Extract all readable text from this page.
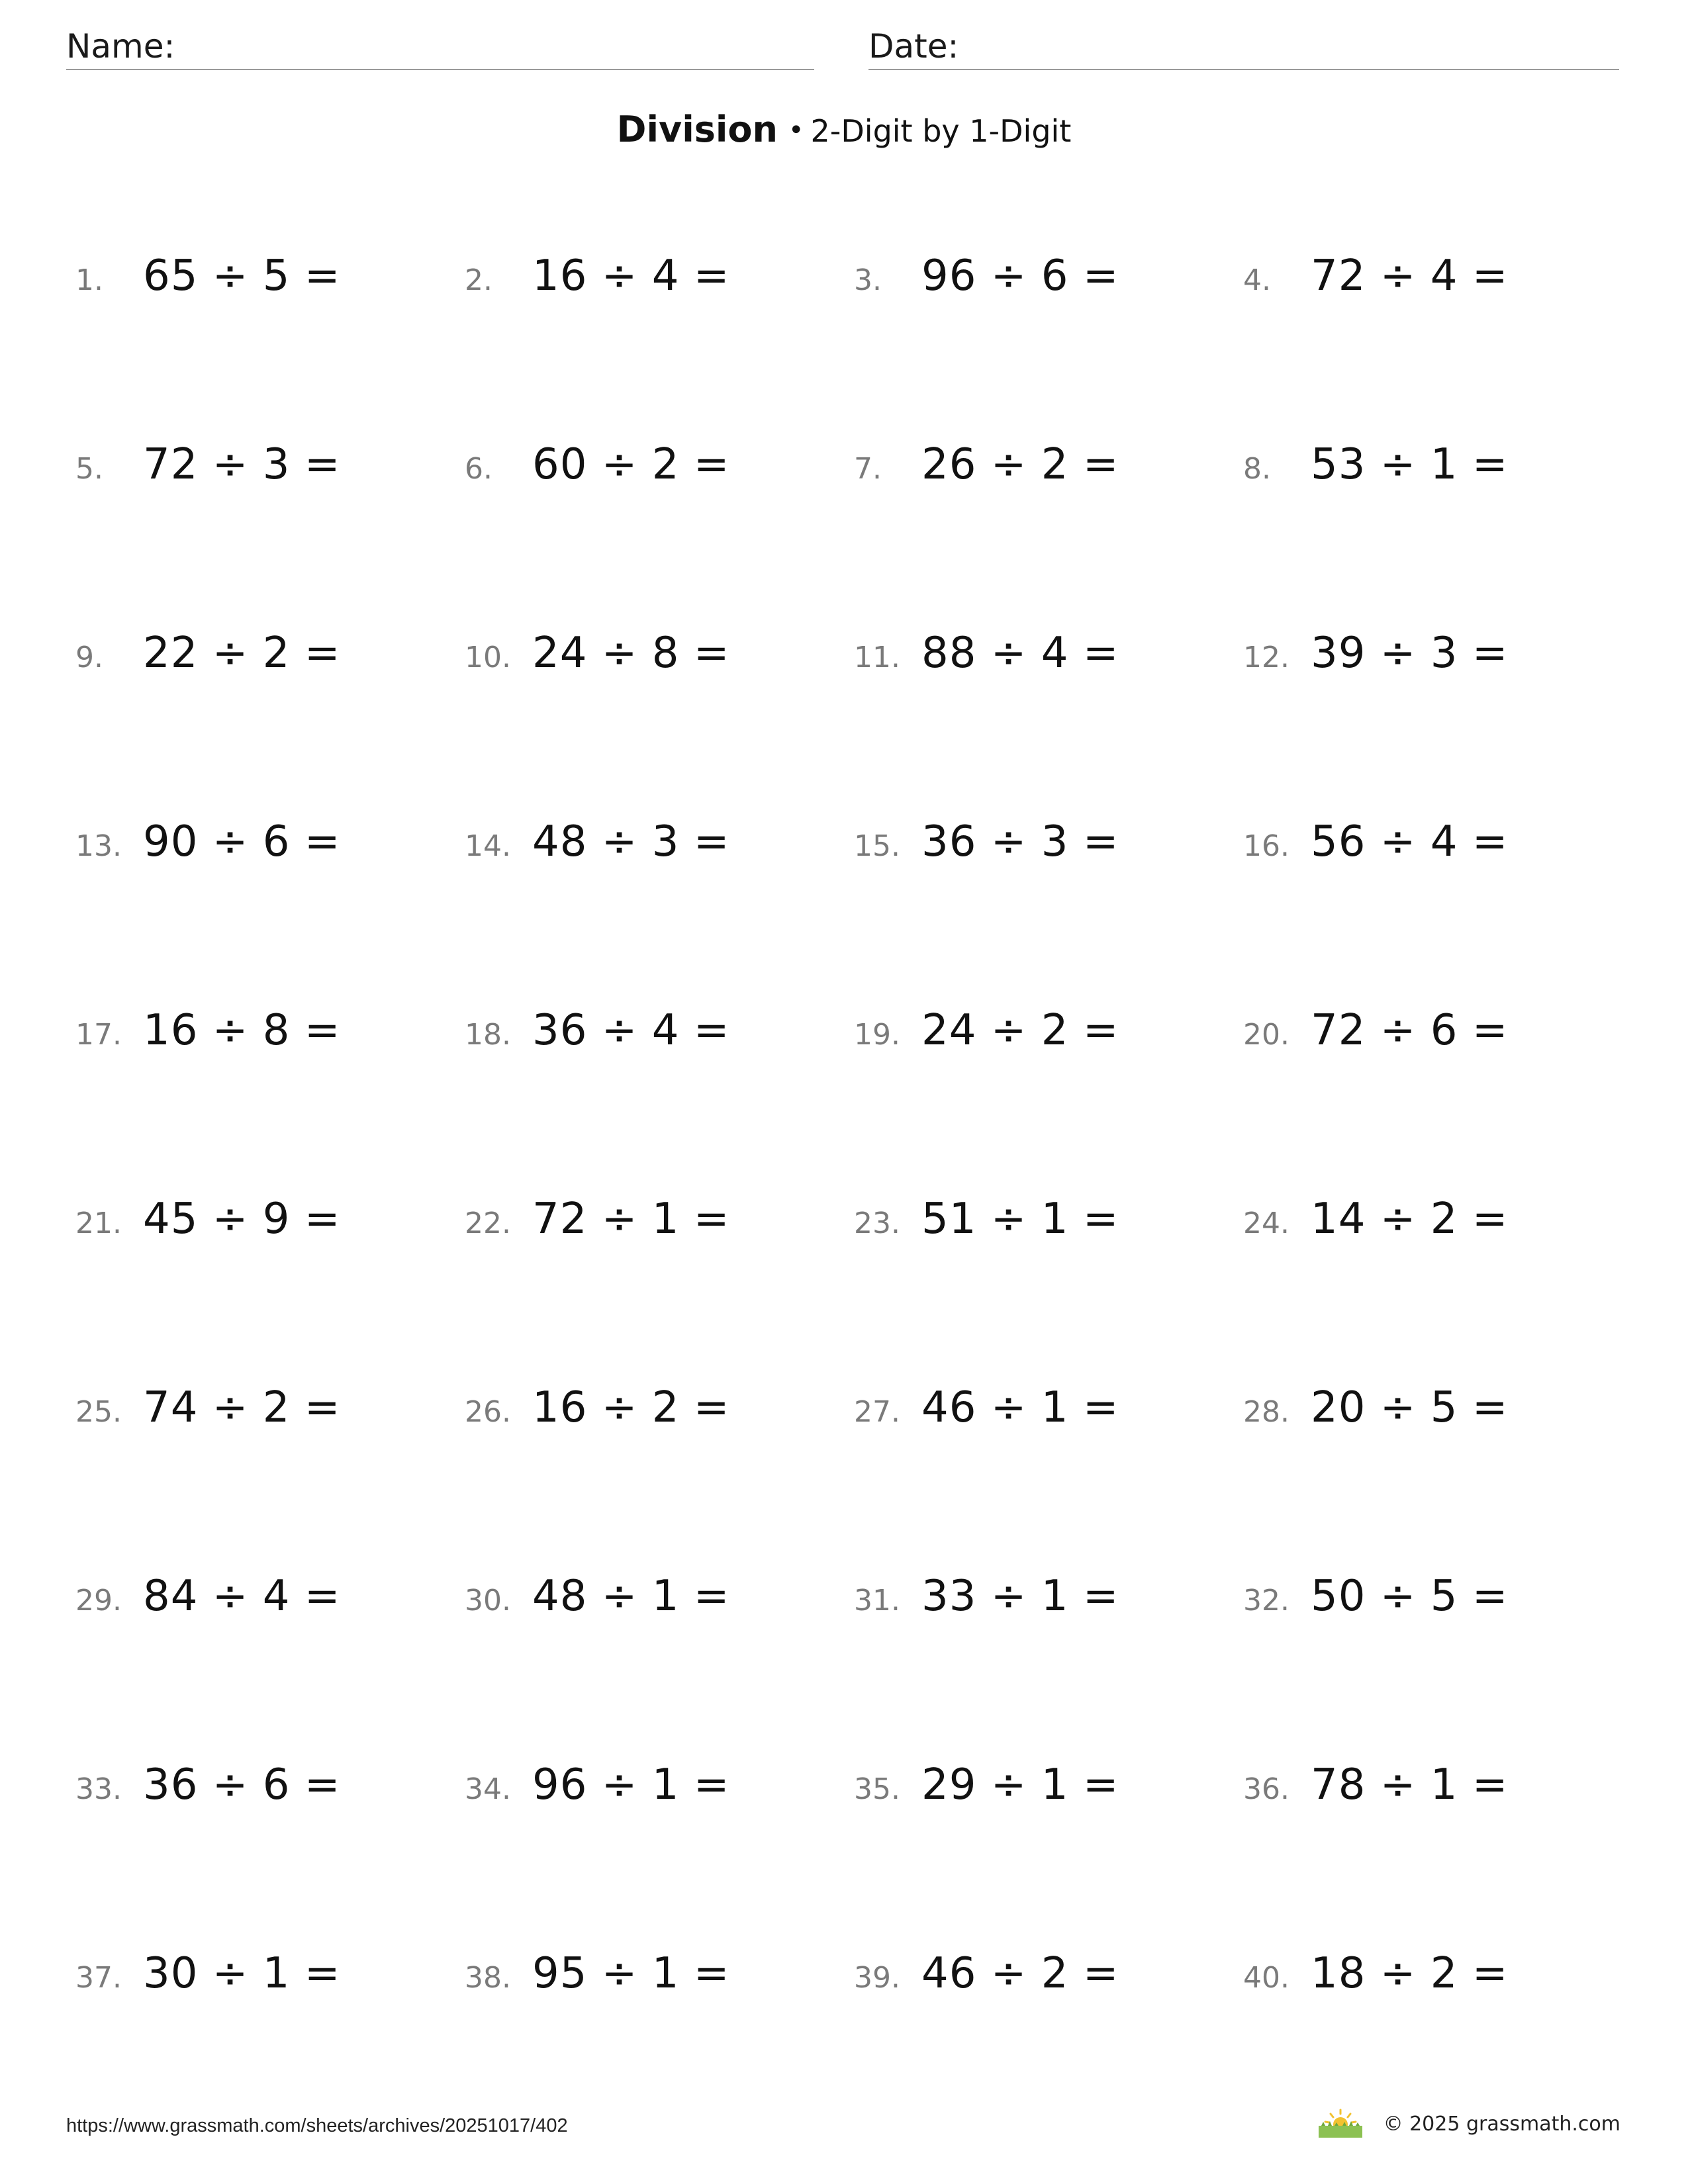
Name:	Date:
Division • 2-Digit by 1-Digit
1. 65 ÷ 5 =	2. 16 ÷ 4 =	3. 96 ÷ 6 =	4. 72 ÷ 4 =
5. 72 ÷ 3 =	6. 60 ÷ 2 =	7. 26 ÷ 2 =	8. 53 ÷ 1 =
9. 22 ÷ 2 =	10. 24 ÷ 8 =	11. 88 ÷ 4 =	12. 39 ÷ 3 =
13. 90 ÷ 6 =	14. 48 ÷ 3 =	15. 36 ÷ 3 =	16. 56 ÷ 4 =
17. 16 ÷ 8 =	18. 36 ÷ 4 =	19. 24 ÷ 2 =	20. 72 ÷ 6 =
21. 45 ÷ 9 =	22. 72 ÷ 1 =	23. 51 ÷ 1 =	24. 14 ÷ 2 =
25. 74 ÷ 2 =	26. 16 ÷ 2 =	27. 46 ÷ 1 =	28. 20 ÷ 5 =
29. 84 ÷ 4 =	30. 48 ÷ 1 =	31. 33 ÷ 1 =	32. 50 ÷ 5 =
33. 36 ÷ 6 =	34. 96 ÷ 1 =	35. 29 ÷ 1 =	36. 78 ÷ 1 =
37. 30 ÷ 1 =	38. 95 ÷ 1 =	39. 46 ÷ 2 =	40. 18 ÷ 2 =
https://www.grassmath.com/sheets/archives/20251017/402	© 2025 grassmath.com
